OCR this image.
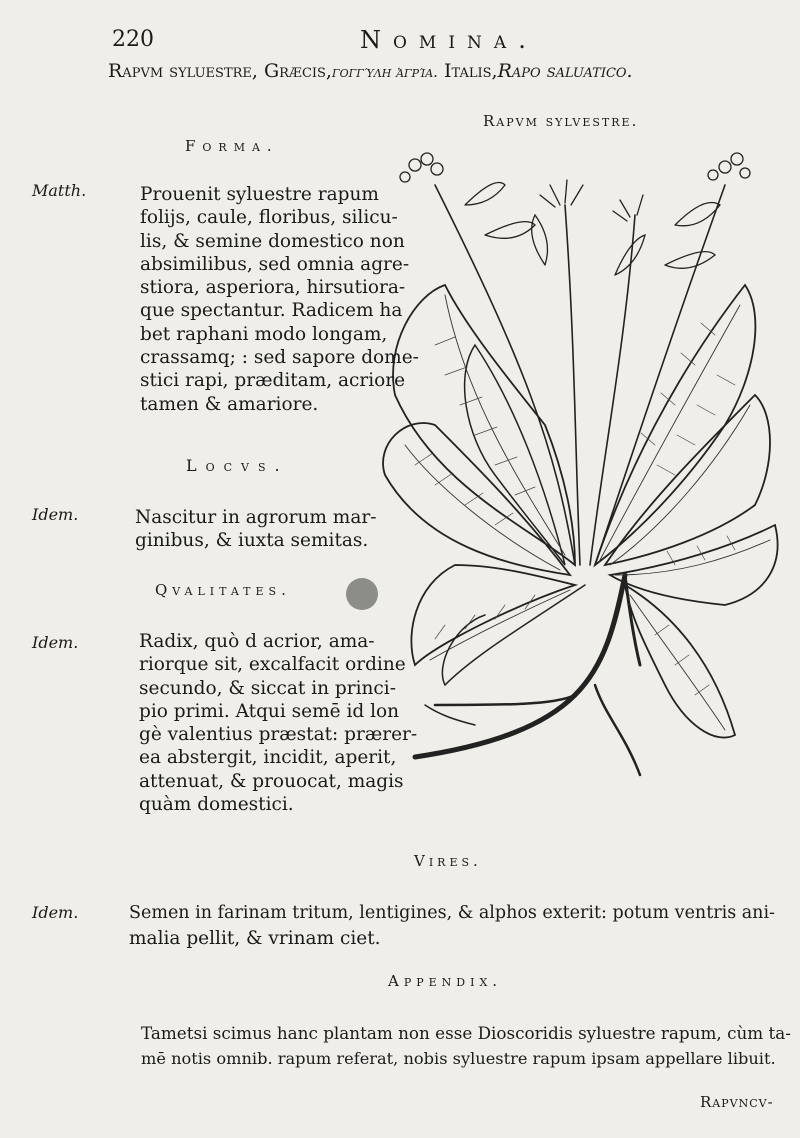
220	Nomina.
Rapvm syluestre, Græcis,γογγύλη ἀγρία. Italis,Rapo saluatico.
Rapvm sylvestre.
Forma.
Matth.	Prouenit syluestre rapum
folijs, caule, floribus, silicu-
lis, & semine domestico non
absimilibus, sed omnia agre-
stiora, asperiora, hirsutiora-
que spectantur. Radicem ha
bet raphani modo longam,
crassamq; : sed sapore dome-
stici rapi, præditam, acriore
tamen & amariore.
Locvs.
Idem.	Nascitur in agrorum mar-
ginibus, & iuxta semitas.
Qvalitates.
Idem.	Radix, quò d acrior, ama-
riorque sit, excalfacit ordine
secundo, & siccat in princi-
pio primi. Atqui semē id lon
gè valentius præstat: prærer-
ea abstergit, incidit, aperit,
attenuat, & prouocat, magis
quàm domestici.
Vires.
Idem.	Semen in farinam tritum, lentigines, & alphos exterit: potum ventris ani-
malia pellit, & vrinam ciet.
Appendix.
Tametsi scimus hanc plantam non esse Dioscoridis syluestre rapum, cùm ta-
mē notis omnib. rapum referat, nobis syluestre rapum ipsam appellare libuit.
Rapvncv-
